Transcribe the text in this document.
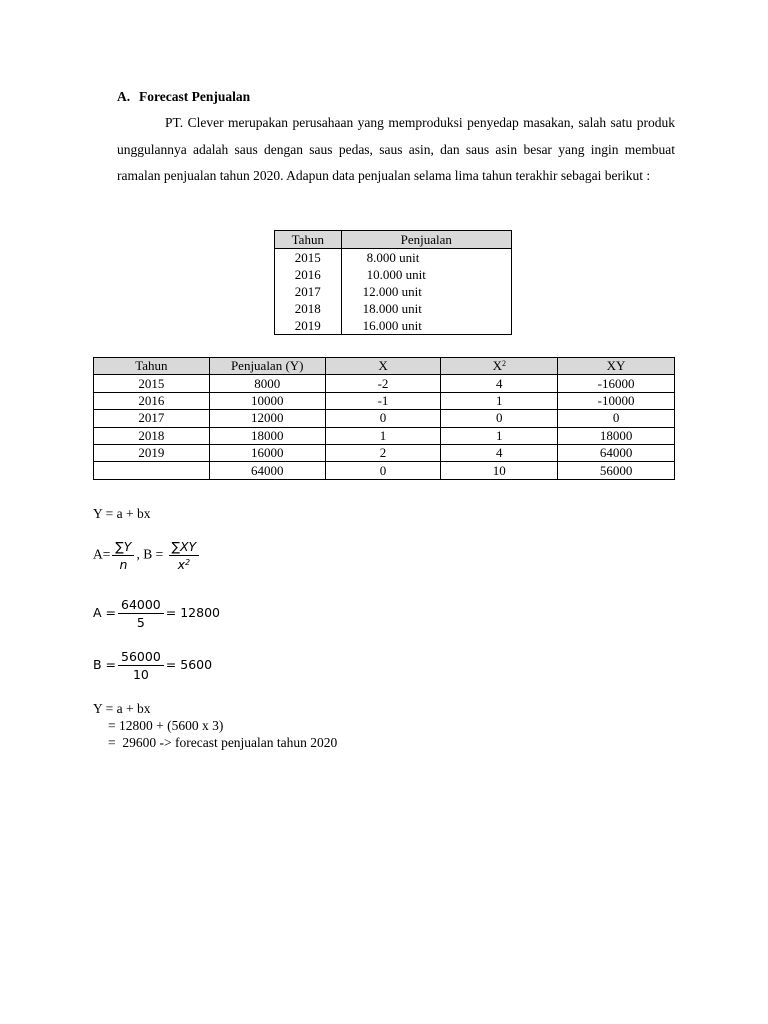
A. Forecast Penjualan
PT. Clever merupakan perusahaan yang memproduksi penyedap masakan, salah satu produk unggulannya adalah saus dengan saus pedas, saus asin, dan saus asin besar yang ingin membuat ramalan penjualan tahun 2020. Adapun data penjualan selama lima tahun terakhir sebagai berikut :
Tahun	Penjualan
2015	8.000 unit
2016	10.000 unit
2017	12.000 unit
2018	18.000 unit
2019	16.000 unit
Tahun	Penjualan (Y)	X	$X^2$	XY
2015	8000	-2	4	-16000
2016	10000	-1	1	-10000
2017	12000	0	0	0
2018	18000	1	1	18000
2019	16000	2	4	64000
	64000	0	10	56000
Y = a + bx
$A= \frac{\sum Y}{n}$ , $B = \frac{\sum XY}{x^2}$
$A = \frac{64000}{5} = 12800$
$B = \frac{56000}{10} = 5600$
Y = a + bx
= 12800 + (5600 x 3)
=  29600 -> forecast penjualan tahun 2020
